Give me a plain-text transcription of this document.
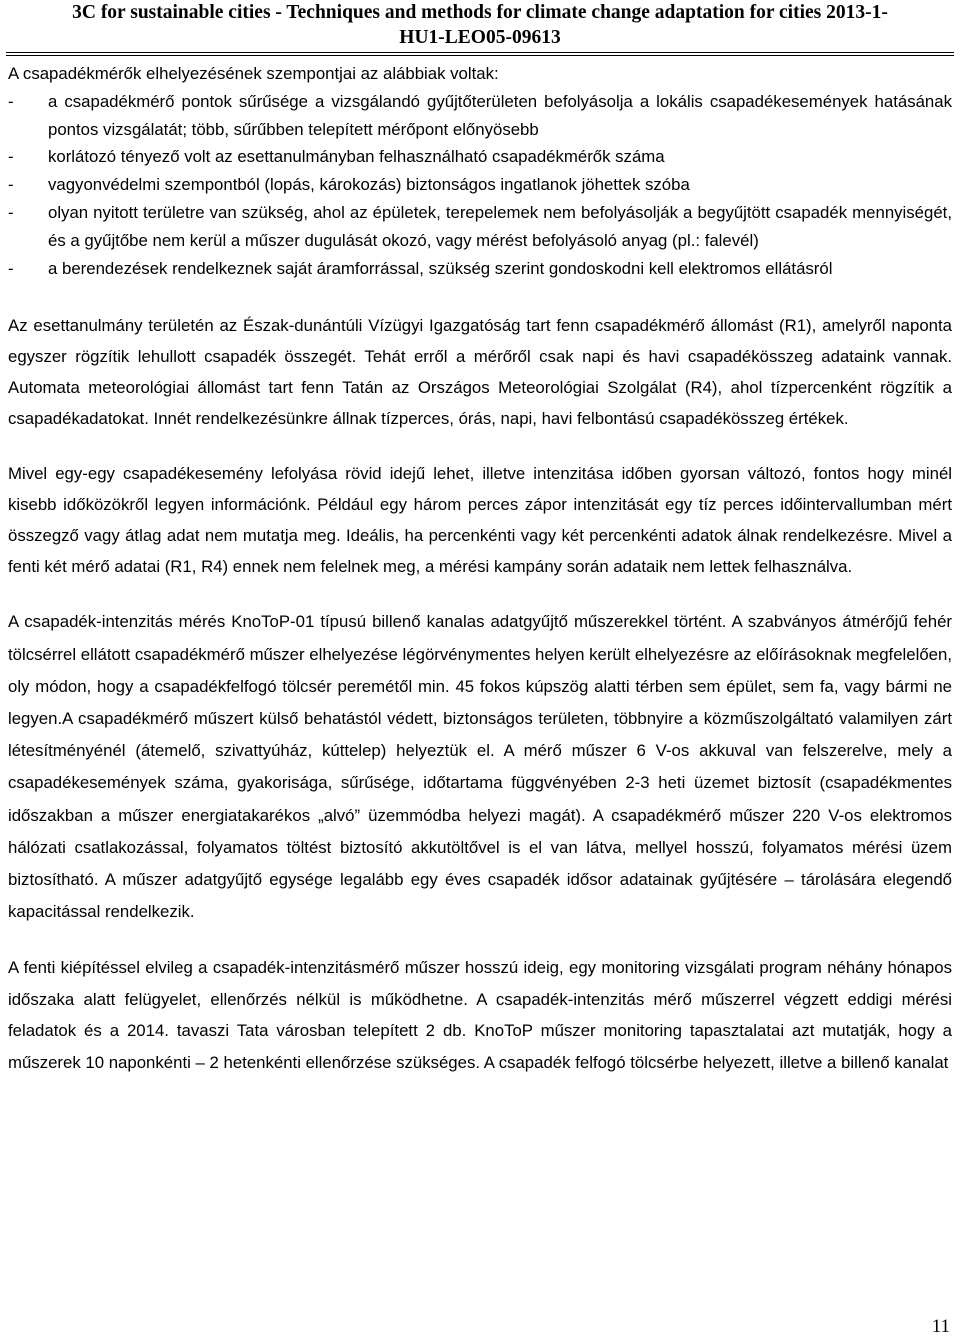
3C for sustainable cities - Techniques and methods for climate change adaptation for cities 2013-1-
HU1-LEO05-09613

A csapadékmérők elhelyezésének szempontjai az alábbiak voltak:

- a csapadékmérő pontok sűrűsége a vizsgálandó gyűjtőterületen befolyásolja a lokális csapadékesemények hatásának pontos vizsgálatát; több, sűrűbben telepített mérőpont előnyösebb
- korlátozó tényező volt az esettanulmányban felhasználható csapadékmérők száma
- vagyonvédelmi szempontból (lopás, károkozás) biztonságos ingatlanok jöhettek szóba
- olyan nyitott területre van szükség, ahol az épületek, terepelemek nem befolyásolják a begyűjtött csapadék mennyiségét, és a gyűjtőbe nem kerül a műszer dugulását okozó, vagy mérést befolyásoló anyag (pl.: falevél)
- a berendezések rendelkeznek saját áramforrással, szükség szerint gondoskodni kell elektromos ellátásról

Az esettanulmány területén az Észak-dunántúli Vízügyi Igazgatóság tart fenn csapadékmérő állomást (R1), amelyről naponta egyszer rögzítik lehullott csapadék összegét. Tehát erről a mérőről csak napi és havi csapadékösszeg adataink vannak. Automata meteorológiai állomást tart fenn Tatán az Országos Meteorológiai Szolgálat (R4), ahol tízpercenként rögzítik a csapadékadatokat. Innét rendelkezésünkre állnak tízperces, órás, napi, havi felbontású csapadékösszeg értékek.

Mivel egy-egy csapadékesemény lefolyása rövid idejű lehet, illetve intenzitása időben gyorsan változó, fontos hogy minél kisebb időközökről legyen információnk. Például egy három perces zápor intenzitását egy tíz perces időintervallumban mért összegző vagy átlag adat nem mutatja meg. Ideális, ha percenkénti vagy két percenkénti adatok álnak rendelkezésre. Mivel a fenti két mérő adatai (R1, R4) ennek nem felelnek meg, a mérési kampány során adataik nem lettek felhasználva.

A csapadék-intenzitás mérés KnoToP-01 típusú billenő kanalas adatgyűjtő műszerekkel történt. A szabványos átmérőjű fehér tölcsérrel ellátott csapadékmérő műszer elhelyezése légörvénymentes helyen került elhelyezésre az előírásoknak megfelelően, oly módon, hogy a csapadékfelfogó tölcsér peremétől min. 45 fokos kúpszög alatti térben sem épület, sem fa, vagy bármi ne legyen.A csapadékmérő műszert külső behatástól védett, biztonságos területen, többnyire a közműszolgáltató valamilyen zárt létesítményénél (átemelő, szivattyúház, kúttelep) helyeztük el. A mérő műszer 6 V-os akkuval van felszerelve, mely a csapadékesemények száma, gyakorisága, sűrűsége, időtartama függvényében 2-3 heti üzemet biztosít (csapadékmentes időszakban a műszer energiatakarékos „alvó” üzemmódba helyezi magát). A csapadékmérő műszer 220 V-os elektromos hálózati csatlakozással, folyamatos töltést biztosító akkutöltővel is el van látva, mellyel hosszú, folyamatos mérési üzem biztosítható. A műszer adatgyűjtő egysége legalább egy éves csapadék idősor adatainak gyűjtésére – tárolására elegendő kapacitással rendelkezik.

A fenti kiépítéssel elvileg a csapadék-intenzitásmérő műszer hosszú ideig, egy monitoring vizsgálati program néhány hónapos időszaka alatt felügyelet, ellenőrzés nélkül is működhetne. A csapadék-intenzitás mérő műszerrel végzett eddigi mérési feladatok és a 2014. tavaszi Tata városban telepített 2 db. KnoToP műszer monitoring tapasztalatai azt mutatják, hogy a műszerek 10 naponkénti – 2 hetenkénti ellenőrzése szükséges. A csapadék felfogó tölcsérbe helyezett, illetve a billenő kanalat

11
